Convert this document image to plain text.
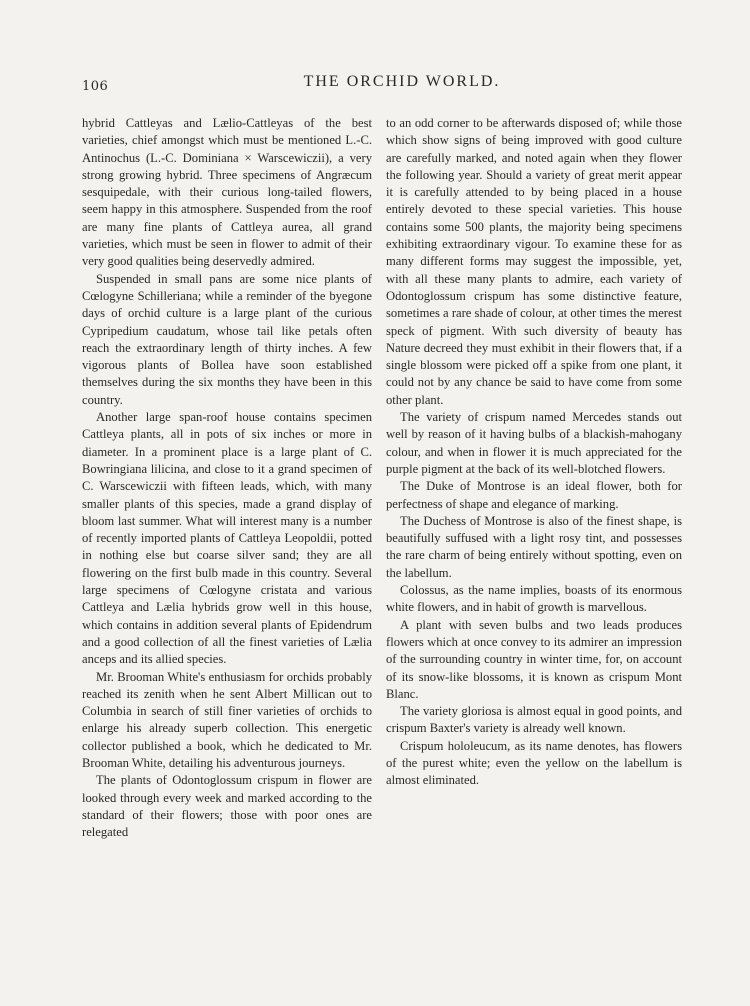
106	THE ORCHID WORLD.

hybrid Cattleyas and Lælio-Cattleyas of the best varieties, chief amongst which must be mentioned L.-C. Antinochus (L.-C. Dominiana × Warscewiczii), a very strong growing hybrid. Three specimens of Angræcum sesquipedale, with their curious long-tailed flowers, seem happy in this atmosphere. Suspended from the roof are many fine plants of Cattleya aurea, all grand varieties, which must be seen in flower to admit of their very good qualities being deservedly admired.

Suspended in small pans are some nice plants of Cœlogyne Schilleriana; while a reminder of the byegone days of orchid culture is a large plant of the curious Cypripedium caudatum, whose tail like petals often reach the extraordinary length of thirty inches. A few vigorous plants of Bollea have soon established themselves during the six months they have been in this country.

Another large span-roof house contains specimen Cattleya plants, all in pots of six inches or more in diameter. In a prominent place is a large plant of C. Bowringiana lilicina, and close to it a grand specimen of C. Warscewiczii with fifteen leads, which, with many smaller plants of this species, made a grand display of bloom last summer. What will interest many is a number of recently imported plants of Cattleya Leopoldii, potted in nothing else but coarse silver sand; they are all flowering on the first bulb made in this country. Several large specimens of Cœlogyne cristata and various Cattleya and Lælia hybrids grow well in this house, which contains in addition several plants of Epidendrum and a good collection of all the finest varieties of Lælia anceps and its allied species.

Mr. Brooman White's enthusiasm for orchids probably reached its zenith when he sent Albert Millican out to Columbia in search of still finer varieties of orchids to enlarge his already superb collection. This energetic collector published a book, which he dedicated to Mr. Brooman White, detailing his adventurous journeys.

The plants of Odontoglossum crispum in flower are looked through every week and marked according to the standard of their flowers; those with poor ones are relegated

to an odd corner to be afterwards disposed of; while those which show signs of being improved with good culture are carefully marked, and noted again when they flower the following year. Should a variety of great merit appear it is carefully attended to by being placed in a house entirely devoted to these special varieties. This house contains some 500 plants, the majority being specimens exhibiting extraordinary vigour. To examine these for as many different forms may suggest the impossible, yet, with all these many plants to admire, each variety of Odontoglossum crispum has some distinctive feature, sometimes a rare shade of colour, at other times the merest speck of pigment. With such diversity of beauty has Nature decreed they must exhibit in their flowers that, if a single blossom were picked off a spike from one plant, it could not by any chance be said to have come from some other plant.

The variety of crispum named Mercedes stands out well by reason of it having bulbs of a blackish-mahogany colour, and when in flower it is much appreciated for the purple pigment at the back of its well-blotched flowers.

The Duke of Montrose is an ideal flower, both for perfectness of shape and elegance of marking.

The Duchess of Montrose is also of the finest shape, is beautifully suffused with a light rosy tint, and possesses the rare charm of being entirely without spotting, even on the labellum.

Colossus, as the name implies, boasts of its enormous white flowers, and in habit of growth is marvellous.

A plant with seven bulbs and two leads produces flowers which at once convey to its admirer an impression of the surrounding country in winter time, for, on account of its snow-like blossoms, it is known as crispum Mont Blanc.

The variety gloriosa is almost equal in good points, and crispum Baxter's variety is already well known.

Crispum hololeucum, as its name denotes, has flowers of the purest white; even the yellow on the labellum is almost eliminated.
